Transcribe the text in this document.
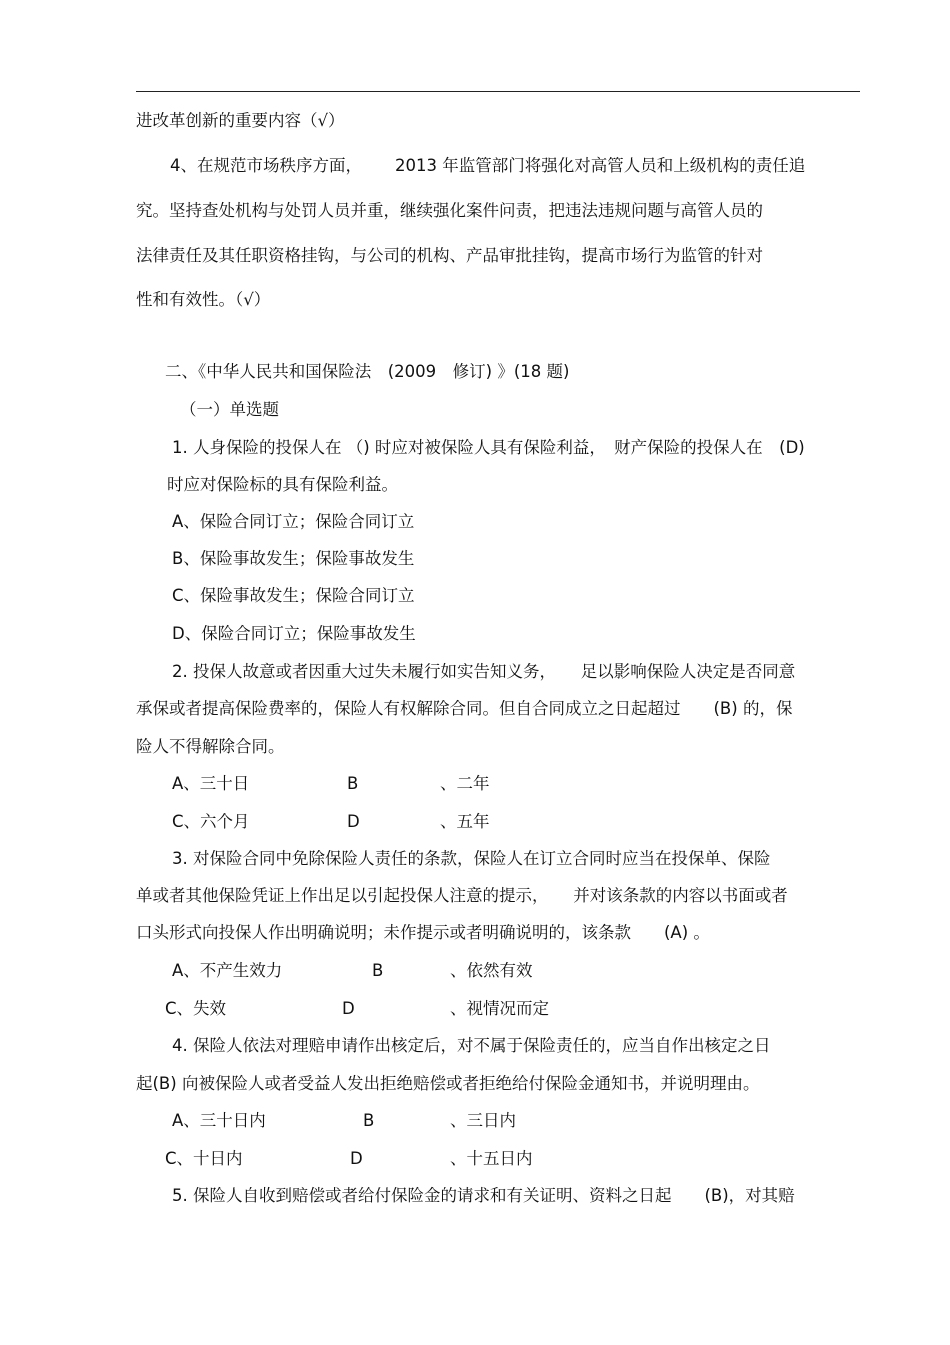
进改革创新的重要内容（√）
4、在规范市场秩序方面， 2013 年监管部门将强化对高管人员和上级机构的责任追
究。坚持查处机构与处罚人员并重，继续强化案件问责，把违法违规问题与高管人员的
法律责任及其任职资格挂钩，与公司的机构、产品审批挂钩，提高市场行为监管的针对
性和有效性。（√）
二、《中华人民共和国保险法　(2009　修订) 》(18 题)
（一）单选题
1. 人身保险的投保人在 （) 时应对被保险人具有保险利益，　财产保险的投保人在　(D)
时应对保险标的具有保险利益。
A、保险合同订立；保险合同订立
B、保险事故发生；保险事故发生
C、保险事故发生；保险合同订立
D、保险合同订立；保险事故发生
2. 投保人故意或者因重大过失未履行如实告知义务，　　足以影响保险人决定是否同意
承保或者提高保险费率的，保险人有权解除合同。但自合同成立之日起超过　　(B) 的，保
险人不得解除合同。
A、三十日	B	、二年
C、六个月	D	、五年
3. 对保险合同中免除保险人责任的条款，保险人在订立合同时应当在投保单、保险
单或者其他保险凭证上作出足以引起投保人注意的提示，　　并对该条款的内容以书面或者
口头形式向投保人作出明确说明；未作提示或者明确说明的，该条款　　(A) 。
A、不产生效力	B	、依然有效
C、失效	D	、视情况而定
4. 保险人依法对理赔申请作出核定后，对不属于保险责任的，应当自作出核定之日
起(B) 向被保险人或者受益人发出拒绝赔偿或者拒绝给付保险金通知书，并说明理由。
A、三十日内	B	、三日内
C、十日内	D	、十五日内
5. 保险人自收到赔偿或者给付保险金的请求和有关证明、资料之日起　　(B)，对其赔
